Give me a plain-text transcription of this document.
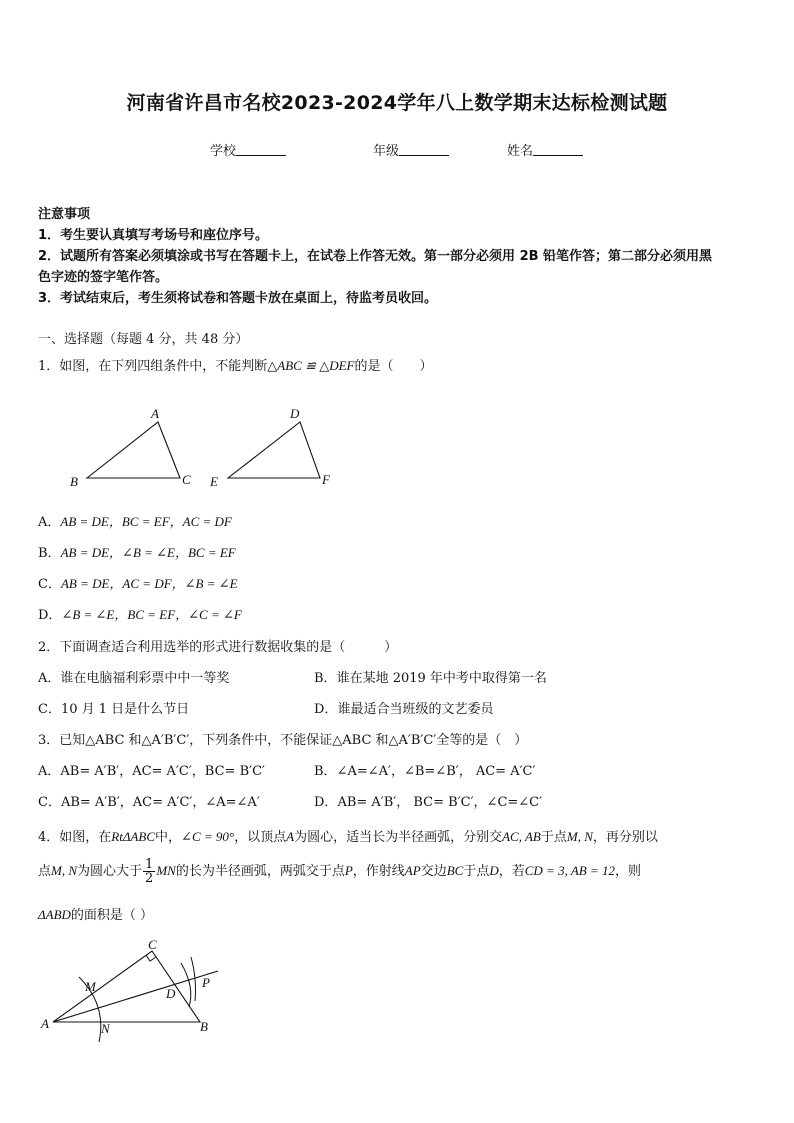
河南省许昌市名校2023-2024学年八上数学期末达标检测试题
学校	年级	姓名
注意事项
1．考生要认真填写考场号和座位序号。
2．试题所有答案必须填涂或书写在答题卡上，在试卷上作答无效。第一部分必须用 2B 铅笔作答；第二部分必须用黑
色字迹的签字笔作答。
3．考试结束后，考生须将试卷和答题卡放在桌面上，待监考员收回。
一、选择题（每题 4 分，共 48 分）
1．如图，在下列四组条件中，不能判断△ABC ≌ △DEF的是（　　）
A
B	C
D
E	F
A．AB = DE，BC = EF，AC = DF
B．AB = DE，∠B = ∠E，BC = EF
C．AB = DE，AC = DF，∠B = ∠E
D．∠B = ∠E，BC = EF，∠C = ∠F
2．下面调查适合利用选举的形式进行数据收集的是（　　　）
A．谁在电脑福利彩票中中一等奖	B．谁在某地 2019 年中考中取得第一名
C．10 月 1 日是什么节日	D．谁最适合当班级的文艺委员
3．已知△ABC 和△A′B′C′，下列条件中，不能保证△ABC 和△A′B′C′全等的是（　）
A．AB= A′B′，AC= A′C′，BC= B′C′	B．∠A=∠A′，∠B=∠B′， AC= A′C′
C．AB= A′B′，AC= A′C′，∠A=∠A′	D．AB= A′B′， BC= B′C′，∠C=∠C′
4．如图，在RtΔABC中，∠C = 90°，以顶点A为圆心，适当长为半径画弧，分别交AC, AB于点M, N，再分别以
点M, N为圆心大于 $\frac{1}{2}$ MN的长为半径画弧，两弧交于点P，作射线AP交边BC于点D，若CD = 3, AB = 12，则
ΔABD的面积是（ ）
C
M	D
P
A	N	B
